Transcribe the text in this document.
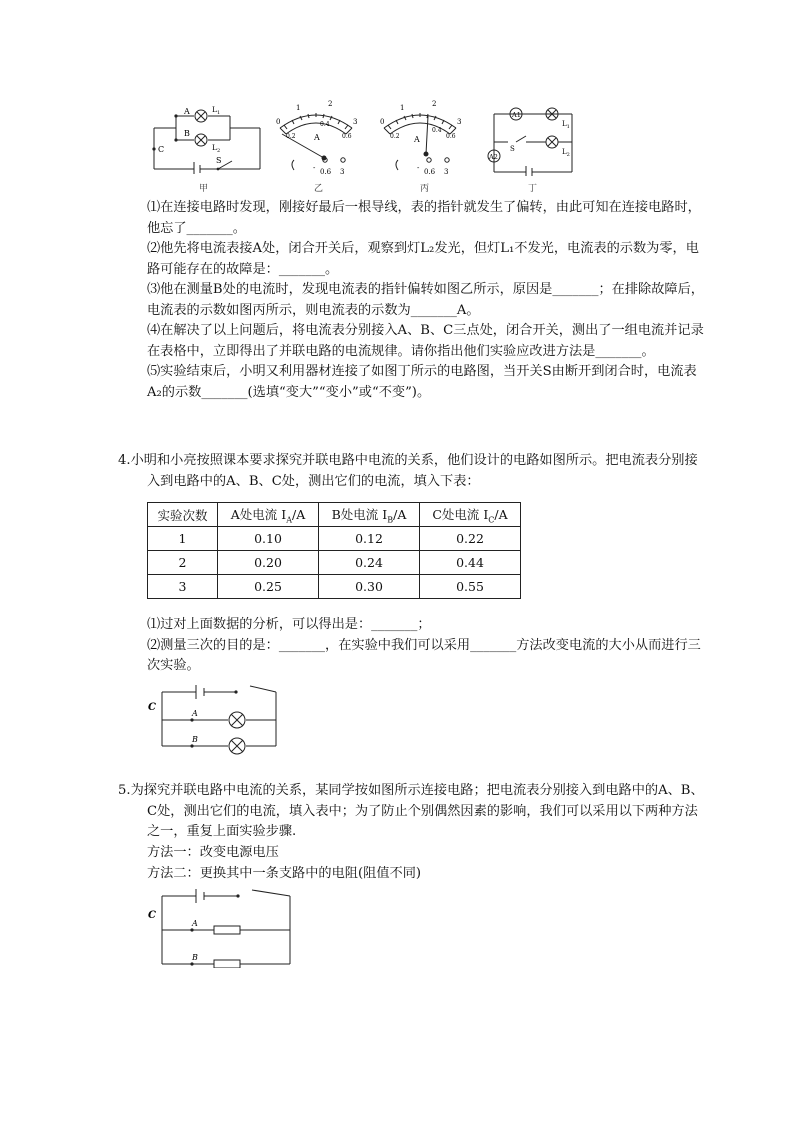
A
B
C
$L_1$
$L_2$
S
甲
0
1	2
3
0.2
0.4
0.6
A
- 0.6 3
乙
0
1	2
3
0.2
0.4
0.6
A
- 0.6 3
丙
A1
A2
$L_1$
$L_2$
S
丁

⑴在连接电路时发现，刚接好最后一根导线，表的指针就发生了偏转，由此可知在连接电路时，他忘了_______。

⑵他先将电流表接A处，闭合开关后，观察到灯L₂发光，但灯L₁不发光，电流表的示数为零，电路可能存在的故障是：_______。

⑶他在测量B处的电流时，发现电流表的指针偏转如图乙所示，原因是_______；在排除故障后，电流表的示数如图丙所示，则电流表的示数为_______A。

⑷在解决了以上问题后，将电流表分别接入A、B、C三点处，闭合开关，测出了一组电流并记录在表格中，立即得出了并联电路的电流规律。请你指出他们实验应改进方法是_______。

⑸实验结束后，小明又利用器材连接了如图丁所示的电路图，当开关S由断开到闭合时，电流表A₂的示数_______(选填“变大”“变小”或“不变”)。

4.小明和小亮按照课本要求探究并联电路中电流的关系，他们设计的电路如图所示。把电流表分别接入到电路中的A、B、C处，测出它们的电流，填入下表：

实验次数	A处电流 $I_A/A$	B处电流 $I_B/A$	C处电流 $I_C/A$
1	0.10	0.12	0.22
2	0.20	0.24	0.44
3	0.25	0.30	0.55

⑴过对上面数据的分析，可以得出是：_______；

⑵测量三次的目的是：_______，在实验中我们可以采用_______方法改变电流的大小从而进行三次实验。

C
A
B

5.为探究并联电路中电流的关系，某同学按如图所示连接电路；把电流表分别接入到电路中的A、B、C处，测出它们的电流，填入表中；为了防止个别偶然因素的影响，我们可以采用以下两种方法之一，重复上面实验步骤.

方法一：改变电源电压

方法二：更换其中一条支路中的电阻(阻值不同)

C
A
B
